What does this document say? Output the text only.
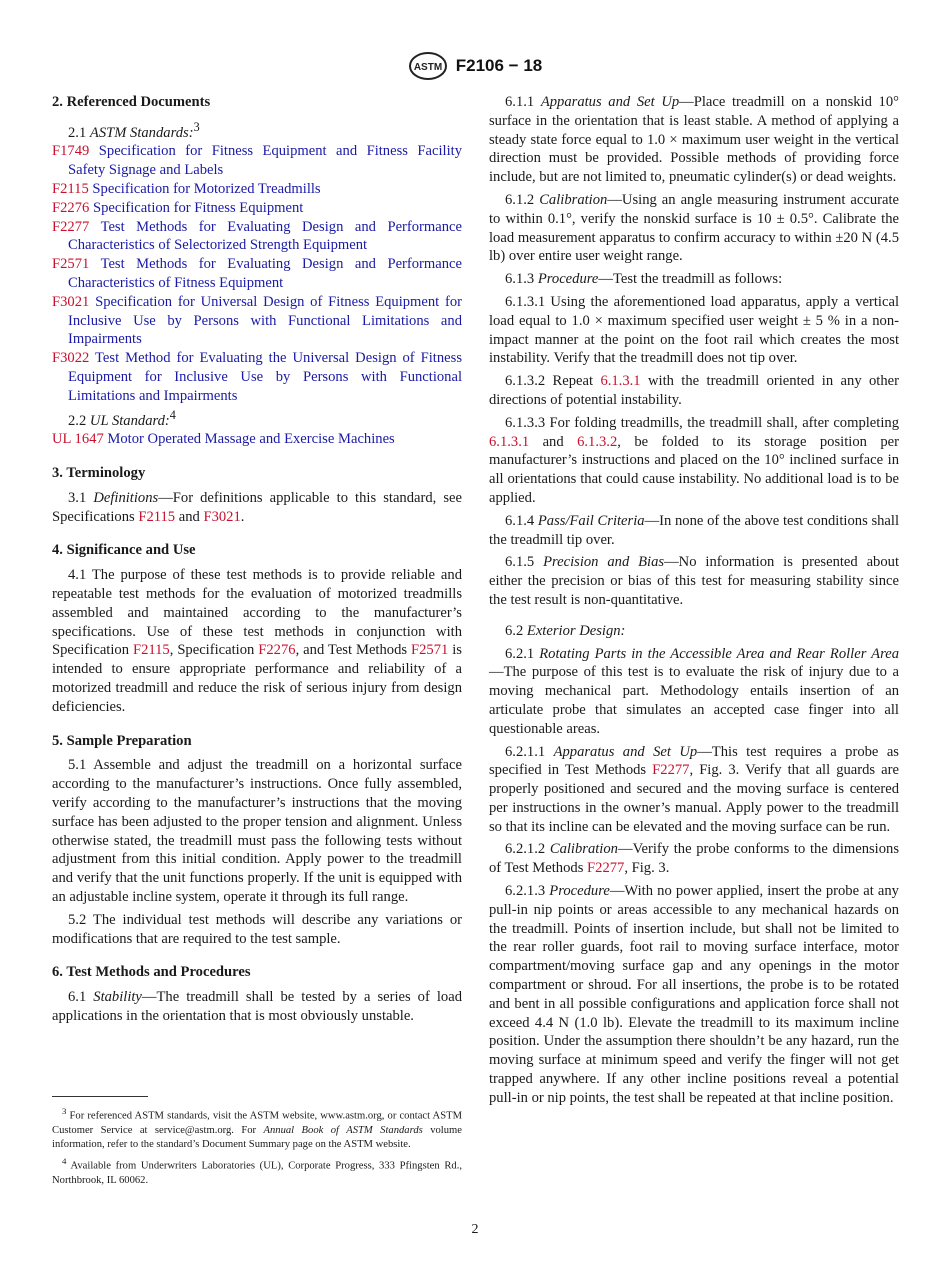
ASTM F2106 − 18
2. Referenced Documents

2.1 ASTM Standards:$^3$

F1749 Specification for Fitness Equipment and Fitness Facility Safety Signage and Labels
F2115 Specification for Motorized Treadmills
F2276 Specification for Fitness Equipment
F2277 Test Methods for Evaluating Design and Performance Characteristics of Selectorized Strength Equipment
F2571 Test Methods for Evaluating Design and Performance Characteristics of Fitness Equipment
F3021 Specification for Universal Design of Fitness Equipment for Inclusive Use by Persons with Functional Limitations and Impairments
F3022 Test Method for Evaluating the Universal Design of Fitness Equipment for Inclusive Use by Persons with Functional Limitations and Impairments

2.2 UL Standard:$^4$

UL 1647 Motor Operated Massage and Exercise Machines
3. Terminology

3.1 Definitions—For definitions applicable to this standard, see Specifications F2115 and F3021.

4. Significance and Use

4.1 The purpose of these test methods is to provide reliable and repeatable test methods for the evaluation of motorized treadmills assembled and maintained according to the manufacturer’s specifications. Use of these test methods in conjunction with Specification F2115, Specification F2276, and Test Methods F2571 is intended to ensure appropriate performance and reliability of a motorized treadmill and reduce the risk of serious injury from design deficiencies.

5. Sample Preparation

5.1 Assemble and adjust the treadmill on a horizontal surface according to the manufacturer’s instructions. Once fully assembled, verify according to the manufacturer’s instructions that the moving surface has been adjusted to the proper tension and alignment. Unless otherwise stated, the treadmill must pass the following tests without adjustment from this initial condition. Apply power to the treadmill and verify that the unit functions properly. If the unit is equipped with an adjustable incline system, operate it through its full range.

5.2 The individual test methods will describe any variations or modifications that are required to the test sample.

6. Test Methods and Procedures

6.1 Stability—The treadmill shall be tested by a series of load applications in the orientation that is most obviously unstable.

6.1.1 Apparatus and Set Up—Place treadmill on a nonskid 10° surface in the orientation that is least stable. A method of applying a steady state force equal to 1.0 × maximum user weight in the vertical direction must be provided. Possible methods of providing force include, but are not limited to, pneumatic cylinder(s) or dead weights.

6.1.2 Calibration—Using an angle measuring instrument accurate to within 0.1°, verify the nonskid surface is 10 ± 0.5°. Calibrate the load measurement apparatus to confirm accuracy to within ±20 N (4.5 lb) over entire user weight range.

6.1.3 Procedure—Test the treadmill as follows:

6.1.3.1 Using the aforementioned load apparatus, apply a vertical load equal to 1.0 × maximum specified user weight ± 5 % in a non-impact manner at the point on the foot rail which creates the most instability. Verify that the treadmill does not tip over.

6.1.3.2 Repeat 6.1.3.1 with the treadmill oriented in any other directions of potential instability.

6.1.3.3 For folding treadmills, the treadmill shall, after completing 6.1.3.1 and 6.1.3.2, be folded to its storage position per manufacturer’s instructions and placed on the 10° inclined surface in all orientations that could cause instability. No additional load is to be applied.

6.1.4 Pass/Fail Criteria—In none of the above test conditions shall the treadmill tip over.

6.1.5 Precision and Bias—No information is presented about either the precision or bias of this test for measuring stability since the test result is non-quantitative.

6.2 Exterior Design:

6.2.1 Rotating Parts in the Accessible Area and Rear Roller Area—The purpose of this test is to evaluate the risk of injury due to a moving mechanical part. Methodology entails insertion of an articulate probe that simulates an accepted case finger into all questionable areas.

6.2.1.1 Apparatus and Set Up—This test requires a probe as specified in Test Methods F2277, Fig. 3. Verify that all guards are properly positioned and secured and the moving surface is centered per instructions in the owner’s manual. Apply power to the treadmill so that its incline can be elevated and the moving surface can be run.

6.2.1.2 Calibration—Verify the probe conforms to the dimensions of Test Methods F2277, Fig. 3.

6.2.1.3 Procedure—With no power applied, insert the probe at any pull-in nip points or areas accessible to any mechanical hazards on the treadmill. Points of insertion include, but shall not be limited to the rear roller guards, foot rail to moving surface interface, motor compartment/moving surface gap and any openings in the motor compartment or shroud. For all insertions, the probe is to be rotated and bent in all possible configurations and application force shall not exceed 4.4 N (1.0 lb). Elevate the treadmill to its maximum incline position. Under the assumption there shouldn’t be any hazard, run the moving surface at minimum speed and verify the finger will not get trapped anywhere. If any other incline positions reveal a potential pull-in or nip points, the test shall be repeated at that incline position.

$^3$ For referenced ASTM standards, visit the ASTM website, www.astm.org, or contact ASTM Customer Service at service@astm.org. For Annual Book of ASTM Standards volume information, refer to the standard’s Document Summary page on the ASTM website.

$^4$ Available from Underwriters Laboratories (UL), Corporate Progress, 333 Pfingsten Rd., Northbrook, IL 60062.

2
